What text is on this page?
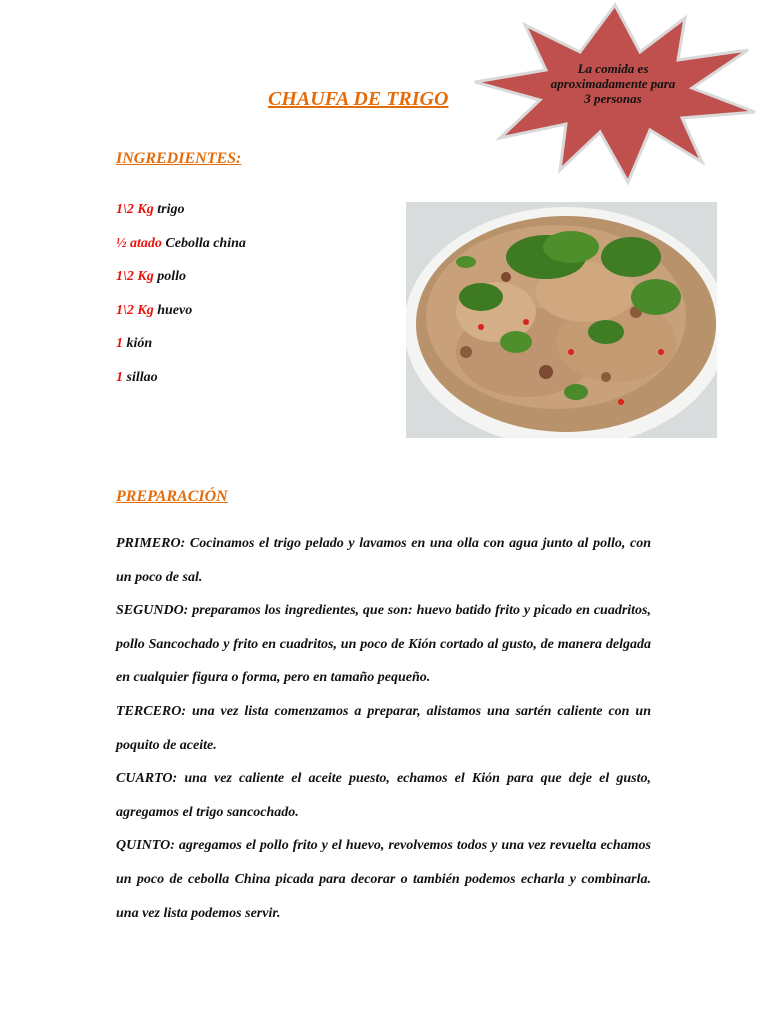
CHAUFA DE TRIGO
La comida es aproximadamente para 3 personas
INGREDIENTES:
1\2 Kg trigo
½ atado Cebolla china
1\2 Kg pollo
1\2 Kg huevo
1 kión
1 sillao
PREPARACIÓN

PRIMERO: Cocinamos el trigo pelado y lavamos en una olla con agua junto al pollo, con un poco de sal.

SEGUNDO: preparamos los ingredientes, que son: huevo batido frito y picado en cuadritos, pollo Sancochado y frito en cuadritos, un poco de Kión cortado al gusto, de manera delgada en cualquier figura o forma, pero en tamaño pequeño.

TERCERO: una vez lista comenzamos a preparar, alistamos una sartén caliente con un poquito de aceite.

CUARTO: una vez caliente el aceite puesto, echamos el Kión para que deje el gusto, agregamos el trigo sancochado.

QUINTO: agregamos el pollo frito y el huevo, revolvemos todos y una vez revuelta echamos un poco de cebolla China picada para decorar o también podemos echarla y combinarla. una vez lista podemos servir.
